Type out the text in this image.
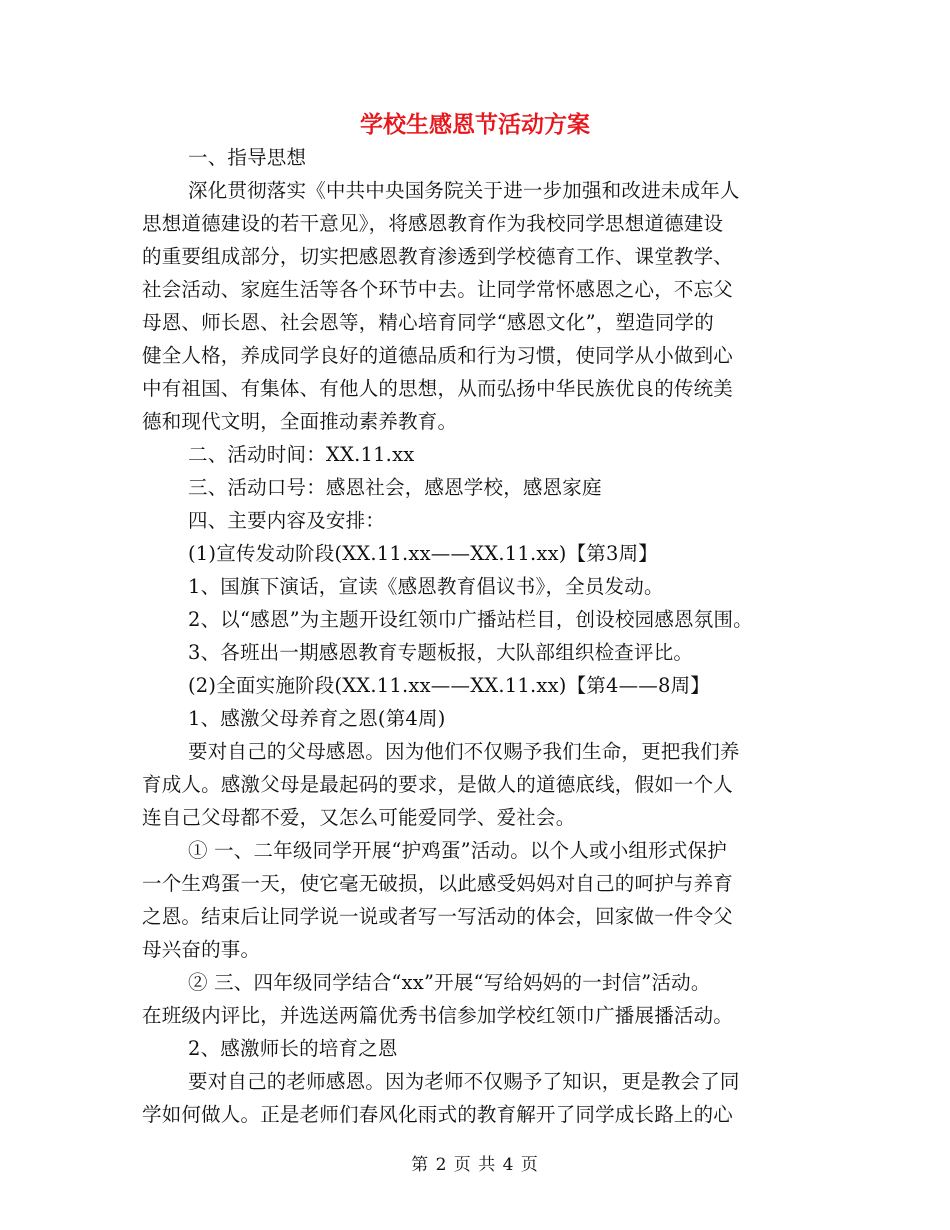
学校生感恩节活动方案
一、指导思想
深化贯彻落实《中共中央国务院关于进一步加强和改进未成年人
思想道德建设的若干意见》，将感恩教育作为我校同学思想道德建设
的重要组成部分，切实把感恩教育渗透到学校德育工作、课堂教学、
社会活动、家庭生活等各个环节中去。让同学常怀感恩之心，不忘父
母恩、师长恩、社会恩等，精心培育同学“感恩文化”，塑造同学的
健全人格，养成同学良好的道德品质和行为习惯，使同学从小做到心
中有祖国、有集体、有他人的思想，从而弘扬中华民族优良的传统美
德和现代文明，全面推动素养教育。
二、活动时间：XX.11.xx
三、活动口号：感恩社会，感恩学校，感恩家庭
四、主要内容及安排：
(1)宣传发动阶段(XX.11.xx——XX.11.xx)【第3周】
1、国旗下演话，宣读《感恩教育倡议书》，全员发动。
2、以“感恩”为主题开设红领巾广播站栏目，创设校园感恩氛围。
3、各班出一期感恩教育专题板报，大队部组织检查评比。
(2)全面实施阶段(XX.11.xx——XX.11.xx)【第4——8周】
1、感激父母养育之恩(第4周)
要对自己的父母感恩。因为他们不仅赐予我们生命，更把我们养
育成人。感激父母是最起码的要求，是做人的道德底线，假如一个人
连自己父母都不爱，又怎么可能爱同学、爱社会。
① 一、二年级同学开展“护鸡蛋”活动。以个人或小组形式保护
一个生鸡蛋一天，使它毫无破损，以此感受妈妈对自己的呵护与养育
之恩。结束后让同学说一说或者写一写活动的体会，回家做一件令父
母兴奋的事。
② 三、四年级同学结合“xx”开展“写给妈妈的一封信”活动。
在班级内评比，并选送两篇优秀书信参加学校红领巾广播展播活动。
2、感激师长的培育之恩
要对自己的老师感恩。因为老师不仅赐予了知识，更是教会了同
学如何做人。正是老师们春风化雨式的教育解开了同学成长路上的心
第 2 页 共 4 页
